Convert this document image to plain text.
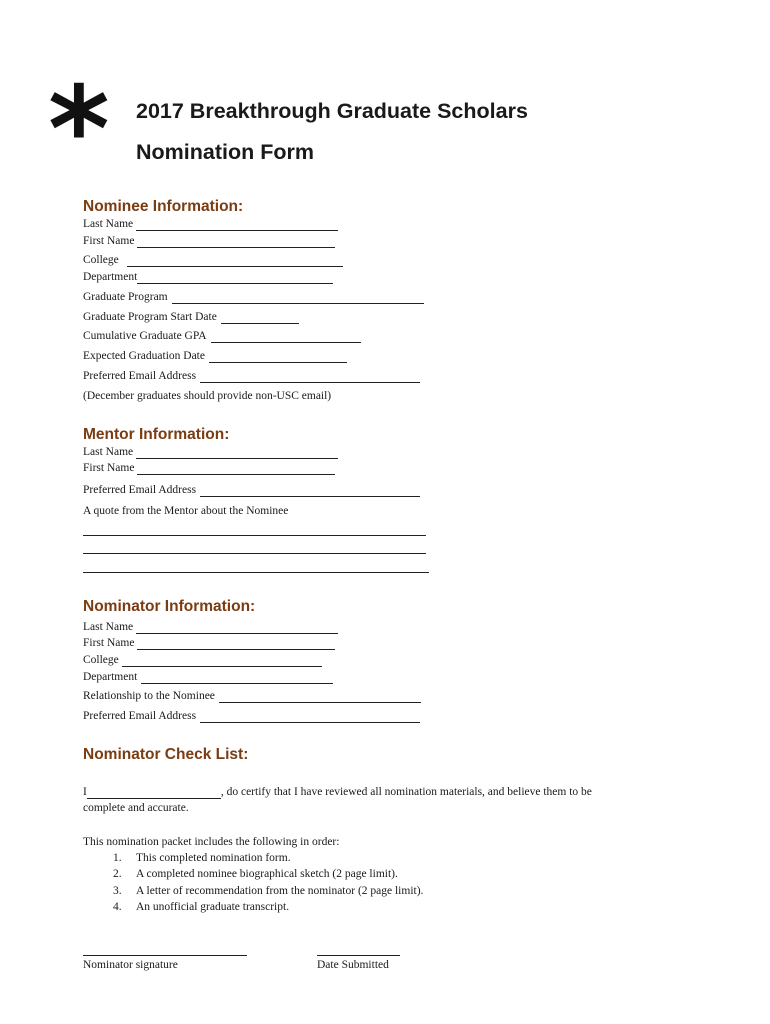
* 2017 Breakthrough Graduate Scholars
Nomination Form
Nominee Information:
Last Name
First Name
College
Department
Graduate Program
Graduate Program Start Date
Cumulative Graduate GPA
Expected Graduation Date
Preferred Email Address
(December graduates should provide non-USC email)
Mentor Information:
Last Name
First Name
Preferred Email Address
A quote from the Mentor about the Nominee
Nominator Information:
Last Name
First Name
College
Department
Relationship to the Nominee
Preferred Email Address
Nominator Check List:
I	, do certify that I have reviewed all nomination materials, and believe them to be
complete and accurate.
This nomination packet includes the following in order:
1. This completed nomination form.
2. A completed nominee biographical sketch (2 page limit).
3. A letter of recommendation from the nominator (2 page limit).
4. An unofficial graduate transcript.
Nominator signature	Date Submitted
